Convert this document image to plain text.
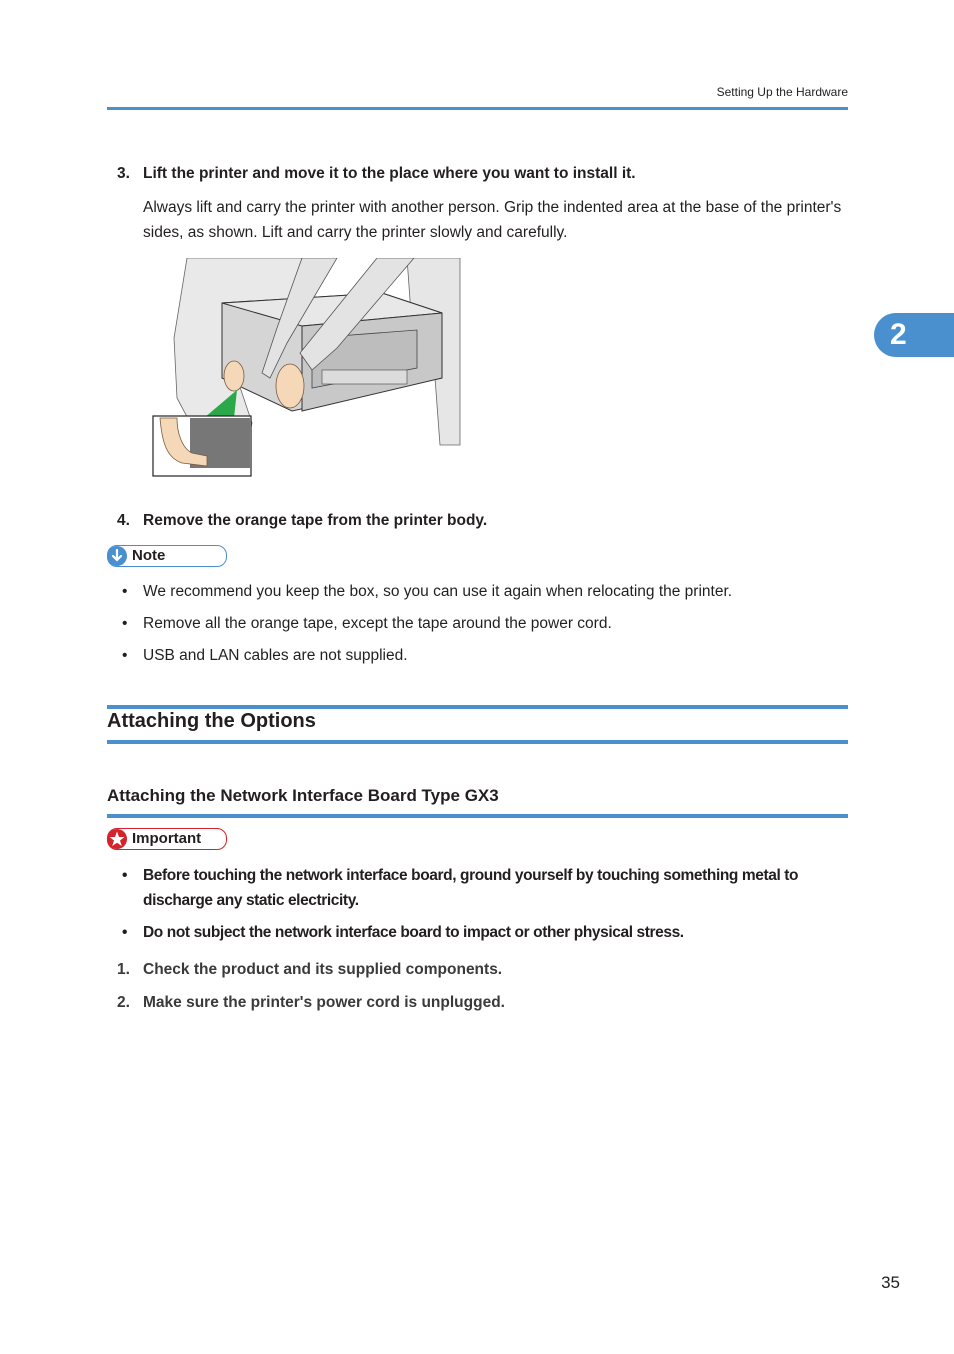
Setting Up the Hardware
2
3. Lift the printer and move it to the place where you want to install it.
Always lift and carry the printer with another person. Grip the indented area at the base of the printer's sides, as shown. Lift and carry the printer slowly and carefully.
4. Remove the orange tape from the printer body.
Note
• We recommend you keep the box, so you can use it again when relocating the printer.
• Remove all the orange tape, except the tape around the power cord.
• USB and LAN cables are not supplied.
Attaching the Options
Attaching the Network Interface Board Type GX3
Important
• Before touching the network interface board, ground yourself by touching something metal to discharge any static electricity.
• Do not subject the network interface board to impact or other physical stress.
1. Check the product and its supplied components.
2. Make sure the printer's power cord is unplugged.
35
